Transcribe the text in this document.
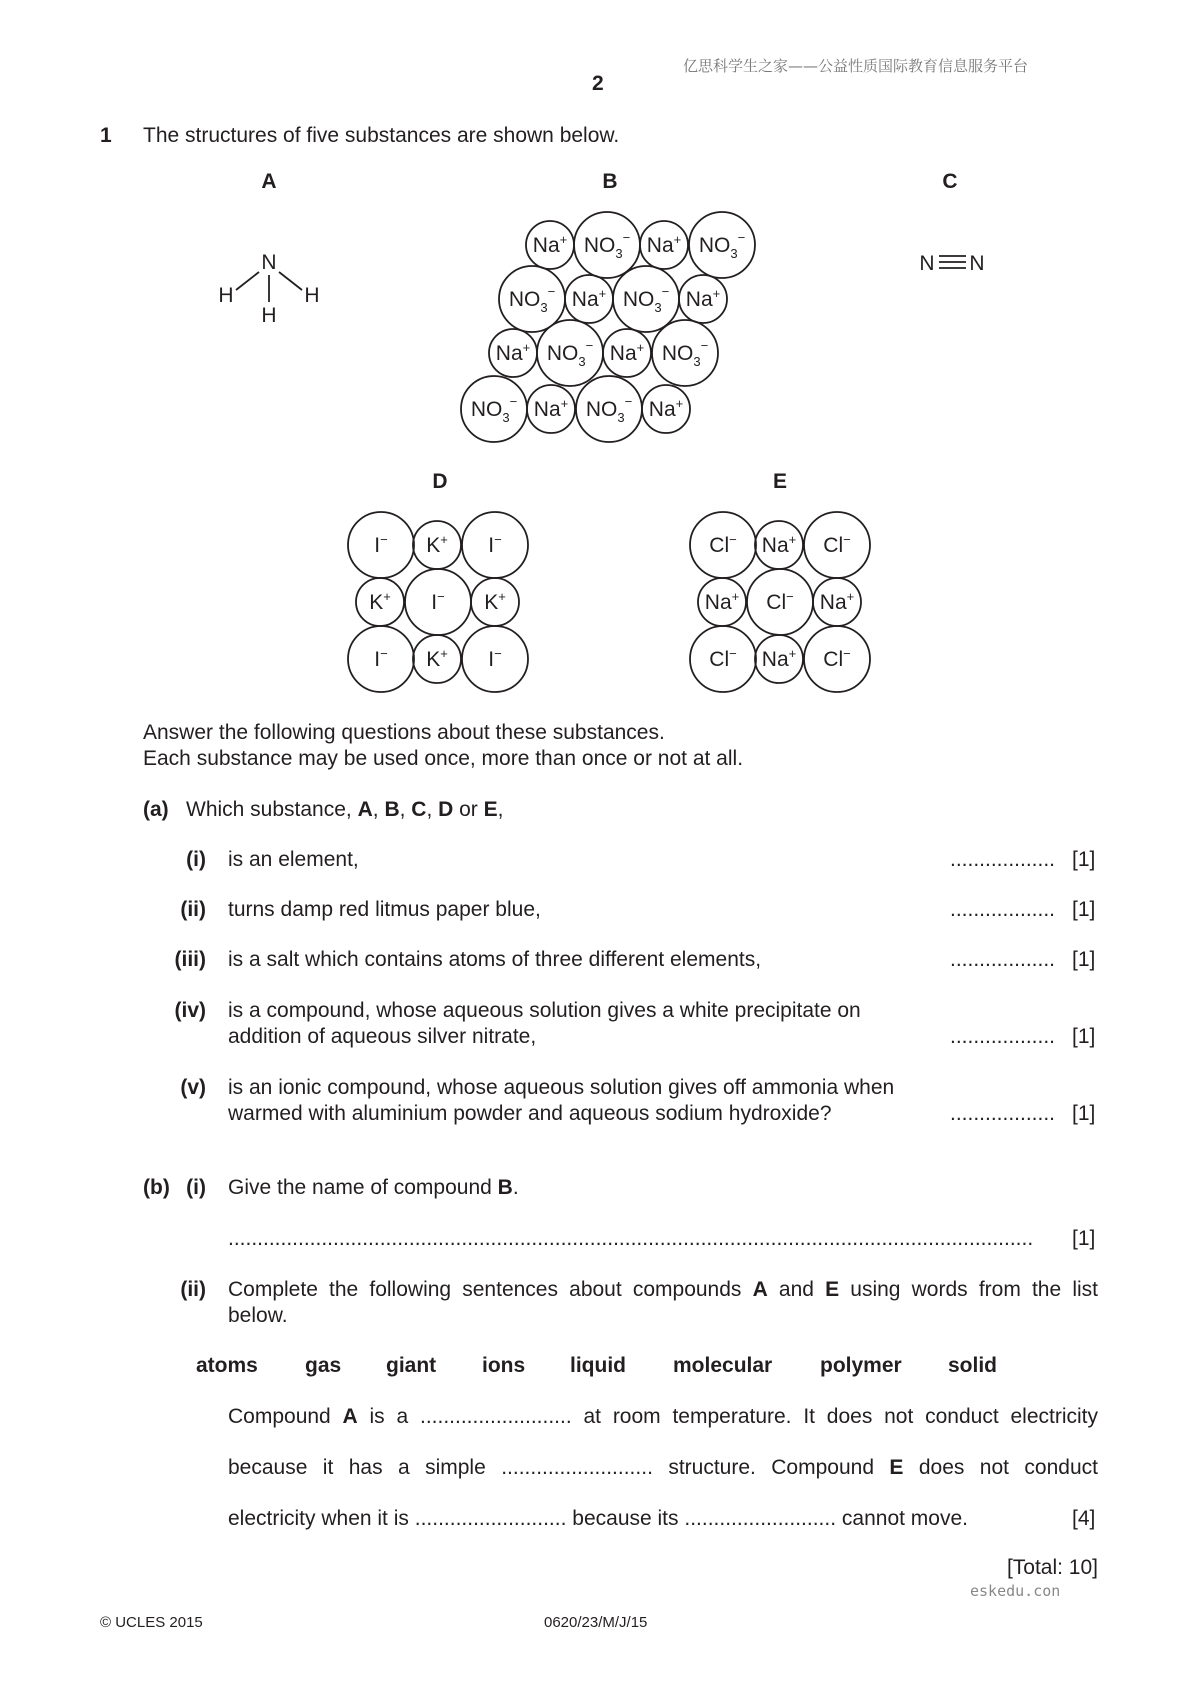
亿思科学生之家——公益性质国际教育信息服务平台
2
1 The structures of five substances are shown below.
A	B	C
D	E
N
H	H
H
N N
Na+	Na+
Na+	Na+
Na+	Na+
Na+	Na+
$NO_3^-$	$NO_3^-$
$NO_3^-$	$NO_3^-$
$NO_3^-$	$NO_3^-$
$NO_3^-$	$NO_3^-$
I− K+ I−
K+ I− K+
I− K+ I−
Cl− Na+ Cl−
Na+ Cl− Na+
Cl− Na+ Cl−
Answer the following questions about these substances.
Each substance may be used once, more than once or not at all.
(a) Which substance, A, B, C, D or E,
(i) is an element,	.................. [1]
(ii) turns damp red litmus paper blue,	.................. [1]
(iii) is a salt which contains atoms of three different elements,	.................. [1]
(iv) is a compound, whose aqueous solution gives a white precipitate on
addition of aqueous silver nitrate,	.................. [1]
(v) is an ionic compound, whose aqueous solution gives off ammonia when
warmed with aluminium powder and aqueous sodium hydroxide?	.................. [1]
(b) (i) Give the name of compound B.
..........................................................................................................................................	[1]
(ii) Complete the following sentences about compounds A and E using words from the list
below.
atoms gas giant ions liquid molecular polymer solid
Compound A is a .......................... at room temperature. It does not conduct electricity
because it has a simple .......................... structure. Compound E does not conduct
electricity when it is .......................... because its .......................... cannot move.	[4]
[Total: 10]
eskedu.con
© UCLES 2015	0620/23/M/J/15
